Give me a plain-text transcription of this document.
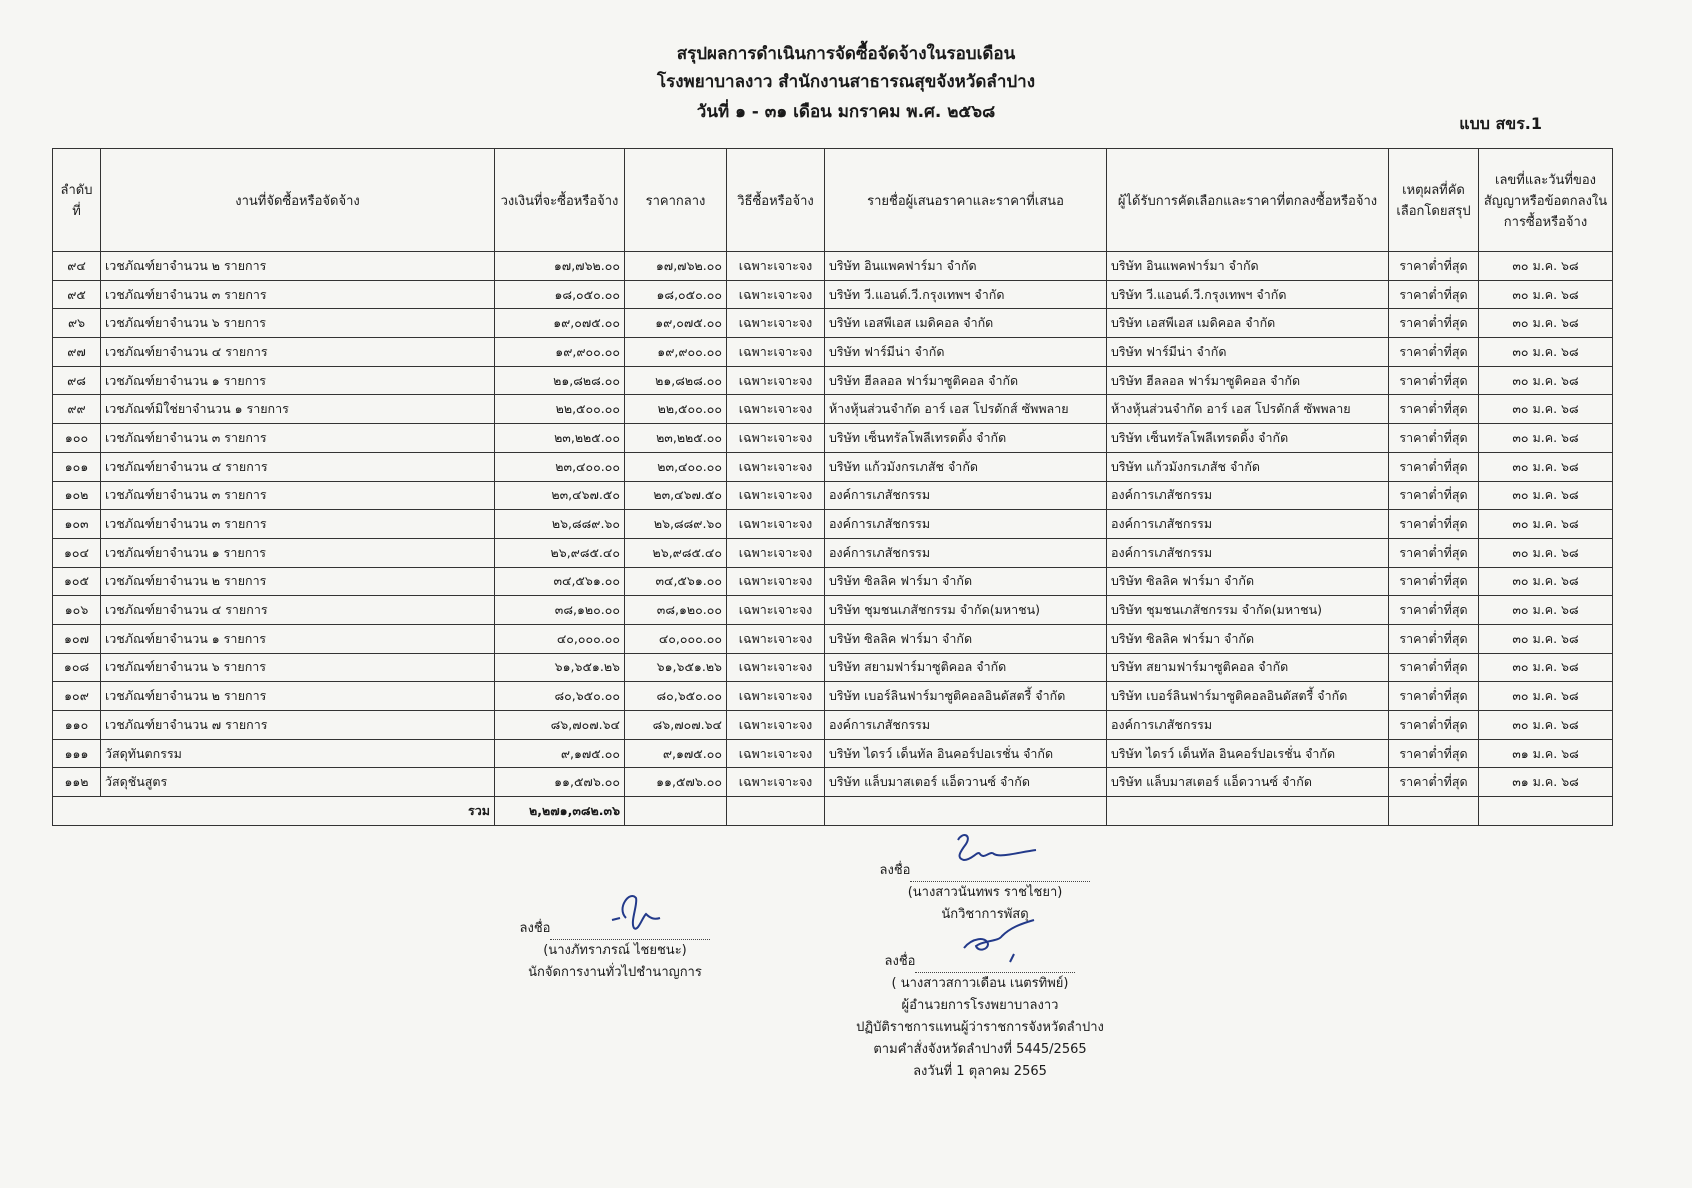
สรุปผลการดำเนินการจัดซื้อจัดจ้างในรอบเดือน
โรงพยาบาลงาว สำนักงานสาธารณสุขจังหวัดลำปาง
วันที่ ๑ - ๓๑ เดือน มกราคม พ.ศ. ๒๕๖๘
แบบ สขร.1
ลำดับที่	งานที่จัดซื้อหรือจัดจ้าง	วงเงินที่จะซื้อหรือจ้าง	ราคากลาง	วิธีซื้อหรือจ้าง	รายชื่อผู้เสนอราคาและราคาที่เสนอ	ผู้ได้รับการคัดเลือกและราคาที่ตกลงซื้อหรือจ้าง	เหตุผลที่คัดเลือกโดยสรุป	เลขที่และวันที่ของสัญญาหรือข้อตกลงในการซื้อหรือจ้าง
๙๔	เวชภัณฑ์ยาจำนวน ๒ รายการ	๑๗,๗๖๒.๐๐	๑๗,๗๖๒.๐๐	เฉพาะเจาะจง	บริษัท อินแพคฟาร์มา จำกัด	บริษัท อินแพคฟาร์มา จำกัด	ราคาต่ำที่สุด	๓๐ ม.ค. ๖๘
๙๕	เวชภัณฑ์ยาจำนวน ๓ รายการ	๑๘,๐๕๐.๐๐	๑๘,๐๕๐.๐๐	เฉพาะเจาะจง	บริษัท วี.แอนด์.วี.กรุงเทพฯ จำกัด	บริษัท วี.แอนด์.วี.กรุงเทพฯ จำกัด	ราคาต่ำที่สุด	๓๐ ม.ค. ๖๘
๙๖	เวชภัณฑ์ยาจำนวน ๖ รายการ	๑๙,๐๗๕.๐๐	๑๙,๐๗๕.๐๐	เฉพาะเจาะจง	บริษัท เอสพีเอส เมดิคอล จำกัด	บริษัท เอสพีเอส เมดิคอล จำกัด	ราคาต่ำที่สุด	๓๐ ม.ค. ๖๘
๙๗	เวชภัณฑ์ยาจำนวน ๔ รายการ	๑๙,๙๐๐.๐๐	๑๙,๙๐๐.๐๐	เฉพาะเจาะจง	บริษัท ฟาร์มีน่า จำกัด	บริษัท ฟาร์มีน่า จำกัด	ราคาต่ำที่สุด	๓๐ ม.ค. ๖๘
๙๘	เวชภัณฑ์ยาจำนวน ๑ รายการ	๒๑,๘๒๘.๐๐	๒๑,๘๒๘.๐๐	เฉพาะเจาะจง	บริษัท ฮีลลอล ฟาร์มาซูติคอล จำกัด	บริษัท ฮีลลอล ฟาร์มาซูติคอล จำกัด	ราคาต่ำที่สุด	๓๐ ม.ค. ๖๘
๙๙	เวชภัณฑ์มิใช่ยาจำนวน ๑ รายการ	๒๒,๕๐๐.๐๐	๒๒,๕๐๐.๐๐	เฉพาะเจาะจง	ห้างหุ้นส่วนจำกัด อาร์ เอส โปรดักส์ ซัพพลาย	ห้างหุ้นส่วนจำกัด อาร์ เอส โปรดักส์ ซัพพลาย	ราคาต่ำที่สุด	๓๐ ม.ค. ๖๘
๑๐๐	เวชภัณฑ์ยาจำนวน ๓ รายการ	๒๓,๒๒๕.๐๐	๒๓,๒๒๕.๐๐	เฉพาะเจาะจง	บริษัท เซ็นทรัลโพลีเทรดดิ้ง จำกัด	บริษัท เซ็นทรัลโพลีเทรดดิ้ง จำกัด	ราคาต่ำที่สุด	๓๐ ม.ค. ๖๘
๑๐๑	เวชภัณฑ์ยาจำนวน ๔ รายการ	๒๓,๔๐๐.๐๐	๒๓,๔๐๐.๐๐	เฉพาะเจาะจง	บริษัท แก้วมังกรเภสัช จำกัด	บริษัท แก้วมังกรเภสัช จำกัด	ราคาต่ำที่สุด	๓๐ ม.ค. ๖๘
๑๐๒	เวชภัณฑ์ยาจำนวน ๓ รายการ	๒๓,๔๖๗.๕๐	๒๓,๔๖๗.๕๐	เฉพาะเจาะจง	องค์การเภสัชกรรม	องค์การเภสัชกรรม	ราคาต่ำที่สุด	๓๐ ม.ค. ๖๘
๑๐๓	เวชภัณฑ์ยาจำนวน ๓ รายการ	๒๖,๘๘๙.๖๐	๒๖,๘๘๙.๖๐	เฉพาะเจาะจง	องค์การเภสัชกรรม	องค์การเภสัชกรรม	ราคาต่ำที่สุด	๓๐ ม.ค. ๖๘
๑๐๔	เวชภัณฑ์ยาจำนวน ๑ รายการ	๒๖,๙๘๕.๔๐	๒๖,๙๘๕.๔๐	เฉพาะเจาะจง	องค์การเภสัชกรรม	องค์การเภสัชกรรม	ราคาต่ำที่สุด	๓๐ ม.ค. ๖๘
๑๐๕	เวชภัณฑ์ยาจำนวน ๒ รายการ	๓๔,๕๖๑.๐๐	๓๔,๕๖๑.๐๐	เฉพาะเจาะจง	บริษัท ซิลลิค ฟาร์มา จำกัด	บริษัท ซิลลิค ฟาร์มา จำกัด	ราคาต่ำที่สุด	๓๐ ม.ค. ๖๘
๑๐๖	เวชภัณฑ์ยาจำนวน ๔ รายการ	๓๘,๑๒๐.๐๐	๓๘,๑๒๐.๐๐	เฉพาะเจาะจง	บริษัท ชุมชนเภสัชกรรม จำกัด(มหาชน)	บริษัท ชุมชนเภสัชกรรม จำกัด(มหาชน)	ราคาต่ำที่สุด	๓๐ ม.ค. ๖๘
๑๐๗	เวชภัณฑ์ยาจำนวน ๑ รายการ	๔๐,๐๐๐.๐๐	๔๐,๐๐๐.๐๐	เฉพาะเจาะจง	บริษัท ซิลลิค ฟาร์มา จำกัด	บริษัท ซิลลิค ฟาร์มา จำกัด	ราคาต่ำที่สุด	๓๐ ม.ค. ๖๘
๑๐๘	เวชภัณฑ์ยาจำนวน ๖ รายการ	๖๑,๖๕๑.๒๖	๖๑,๖๕๑.๒๖	เฉพาะเจาะจง	บริษัท สยามฟาร์มาซูติคอล จำกัด	บริษัท สยามฟาร์มาซูติคอล จำกัด	ราคาต่ำที่สุด	๓๐ ม.ค. ๖๘
๑๐๙	เวชภัณฑ์ยาจำนวน ๒ รายการ	๘๐,๖๕๐.๐๐	๘๐,๖๕๐.๐๐	เฉพาะเจาะจง	บริษัท เบอร์ลินฟาร์มาซูติคอลอินดัสตรี้ จำกัด	บริษัท เบอร์ลินฟาร์มาซูติคอลอินดัสตรี้ จำกัด	ราคาต่ำที่สุด	๓๐ ม.ค. ๖๘
๑๑๐	เวชภัณฑ์ยาจำนวน ๗ รายการ	๘๖,๗๐๗.๖๔	๘๖,๗๐๗.๖๔	เฉพาะเจาะจง	องค์การเภสัชกรรม	องค์การเภสัชกรรม	ราคาต่ำที่สุด	๓๐ ม.ค. ๖๘
๑๑๑	วัสดุทันตกรรม	๙,๑๗๕.๐๐	๙,๑๗๕.๐๐	เฉพาะเจาะจง	บริษัท ไดรว์ เด็นทัล อินคอร์ปอเรชั่น จำกัด	บริษัท ไดรว์ เด็นทัล อินคอร์ปอเรชั่น จำกัด	ราคาต่ำที่สุด	๓๑ ม.ค. ๖๘
๑๑๒	วัสดุชันสูตร	๑๑,๕๗๖.๐๐	๑๑,๕๗๖.๐๐	เฉพาะเจาะจง	บริษัท แล็บมาสเตอร์ แอ็ดวานซ์ จำกัด	บริษัท แล็บมาสเตอร์ แอ็ดวานซ์ จำกัด	ราคาต่ำที่สุด	๓๑ ม.ค. ๖๘
รวม		๒,๒๗๑,๓๘๒.๓๖						
ลงชื่อ
(นางภัทราภรณ์ ไชยชนะ)
นักจัดการงานทั่วไปชำนาญการ
ลงชื่อ
(นางสาวนันทพร ราชไชยา)
นักวิชาการพัสดุ
ลงชื่อ
( นางสาวสกาวเดือน เนตรทิพย์)
ผู้อำนวยการโรงพยาบาลงาว
ปฏิบัติราชการแทนผู้ว่าราชการจังหวัดลำปาง
ตามคำสั่งจังหวัดลำปางที่ 5445/2565
ลงวันที่ 1 ตุลาคม 2565
